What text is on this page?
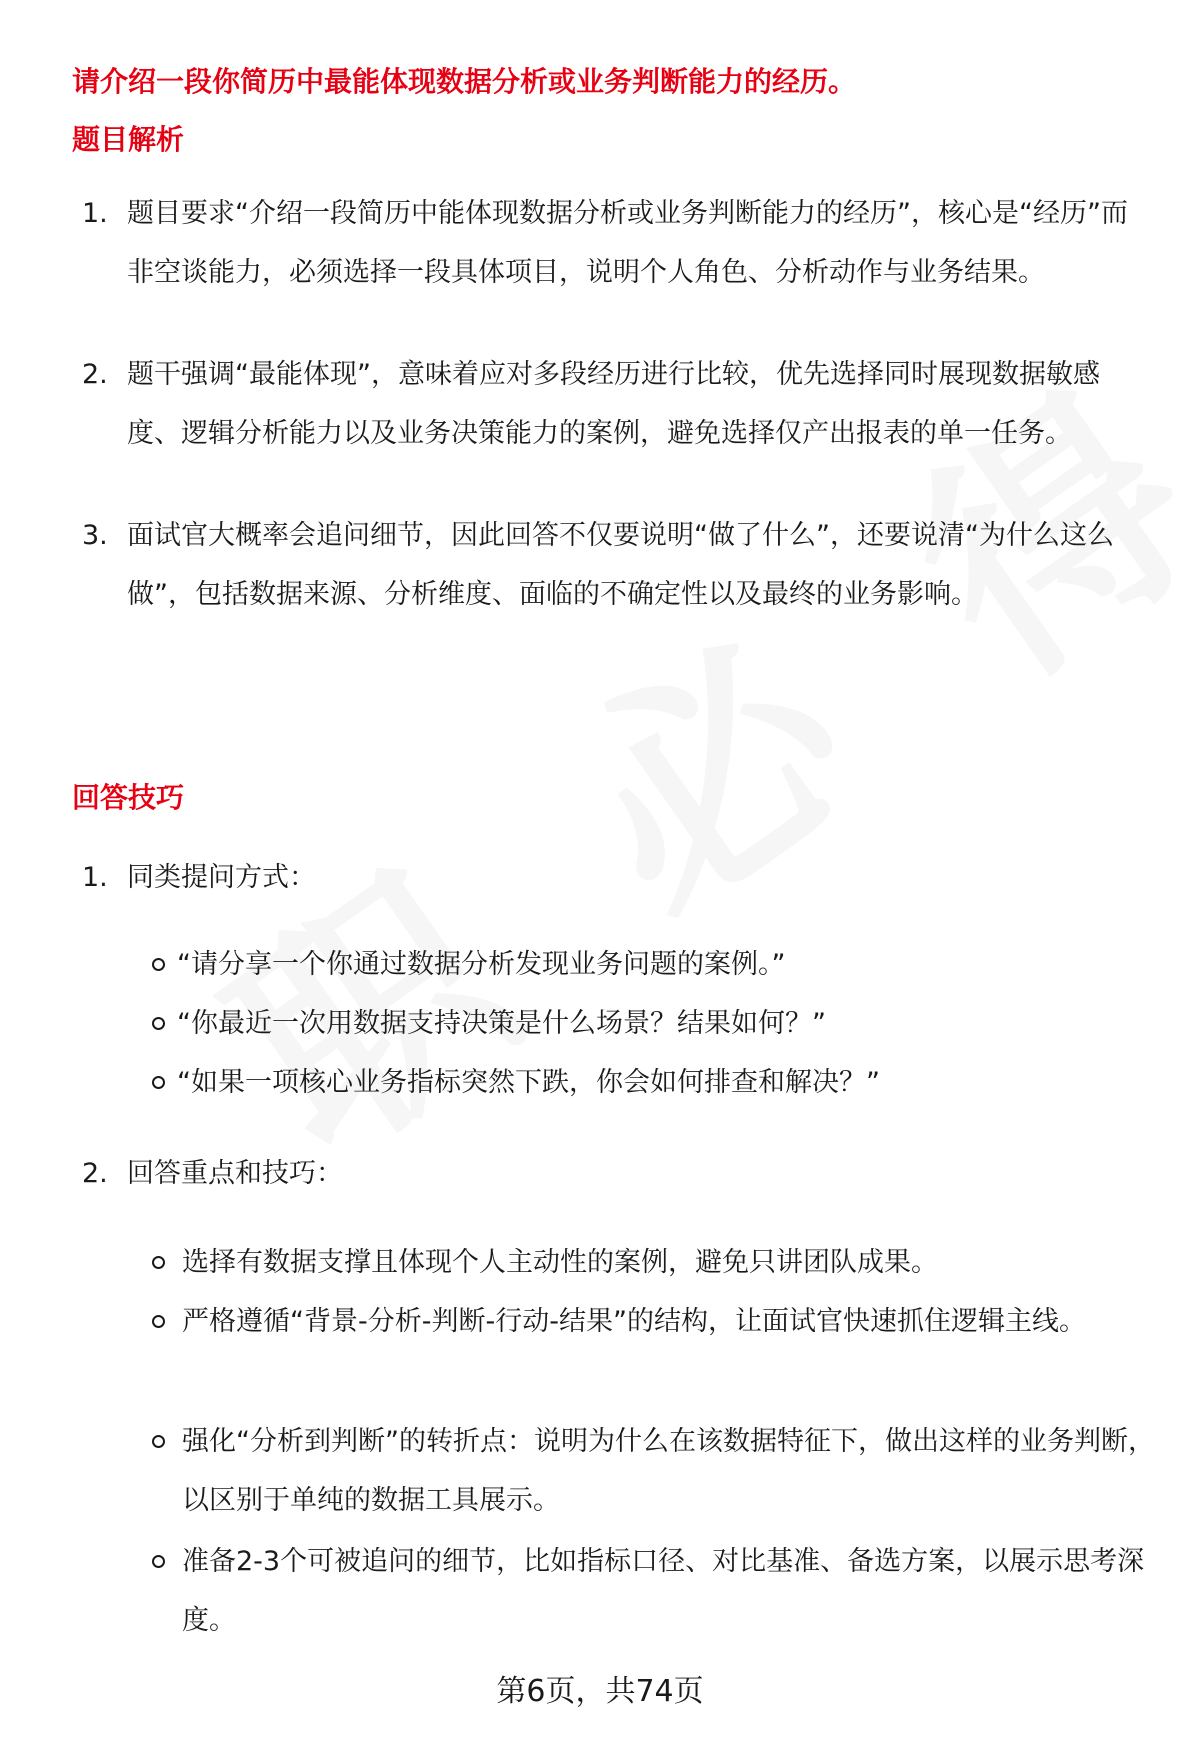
请介绍一段你简历中最能体现数据分析或业务判断能力的经历。
题目解析
1. 题目要求“介绍一段简历中能体现数据分析或业务判断能力的经历”，核心是“经历”而非空谈能力，必须选择一段具体项目，说明个人角色、分析动作与业务结果。
2. 题干强调“最能体现”，意味着应对多段经历进行比较，优先选择同时展现数据敏感度、逻辑分析能力以及业务决策能力的案例，避免选择仅产出报表的单一任务。
3. 面试官大概率会追问细节，因此回答不仅要说明“做了什么”，还要说清“为什么这么做”，包括数据来源、分析维度、面临的不确定性以及最终的业务影响。
回答技巧
1. 同类提问方式：
“请分享一个你通过数据分析发现业务问题的案例。”
“你最近一次用数据支持决策是什么场景？结果如何？”
“如果一项核心业务指标突然下跌，你会如何排查和解决？”
2. 回答重点和技巧：
选择有数据支撑且体现个人主动性的案例，避免只讲团队成果。
严格遵循“背景-分析-判断-行动-结果”的结构，让面试官快速抓住逻辑主线。
强化“分析到判断”的转折点：说明为什么在该数据特征下，做出这样的业务判断，以区别于单纯的数据工具展示。
准备2-3个可被追问的细节，比如指标口径、对比基准、备选方案，以展示思考深度。
第6页，共74页
